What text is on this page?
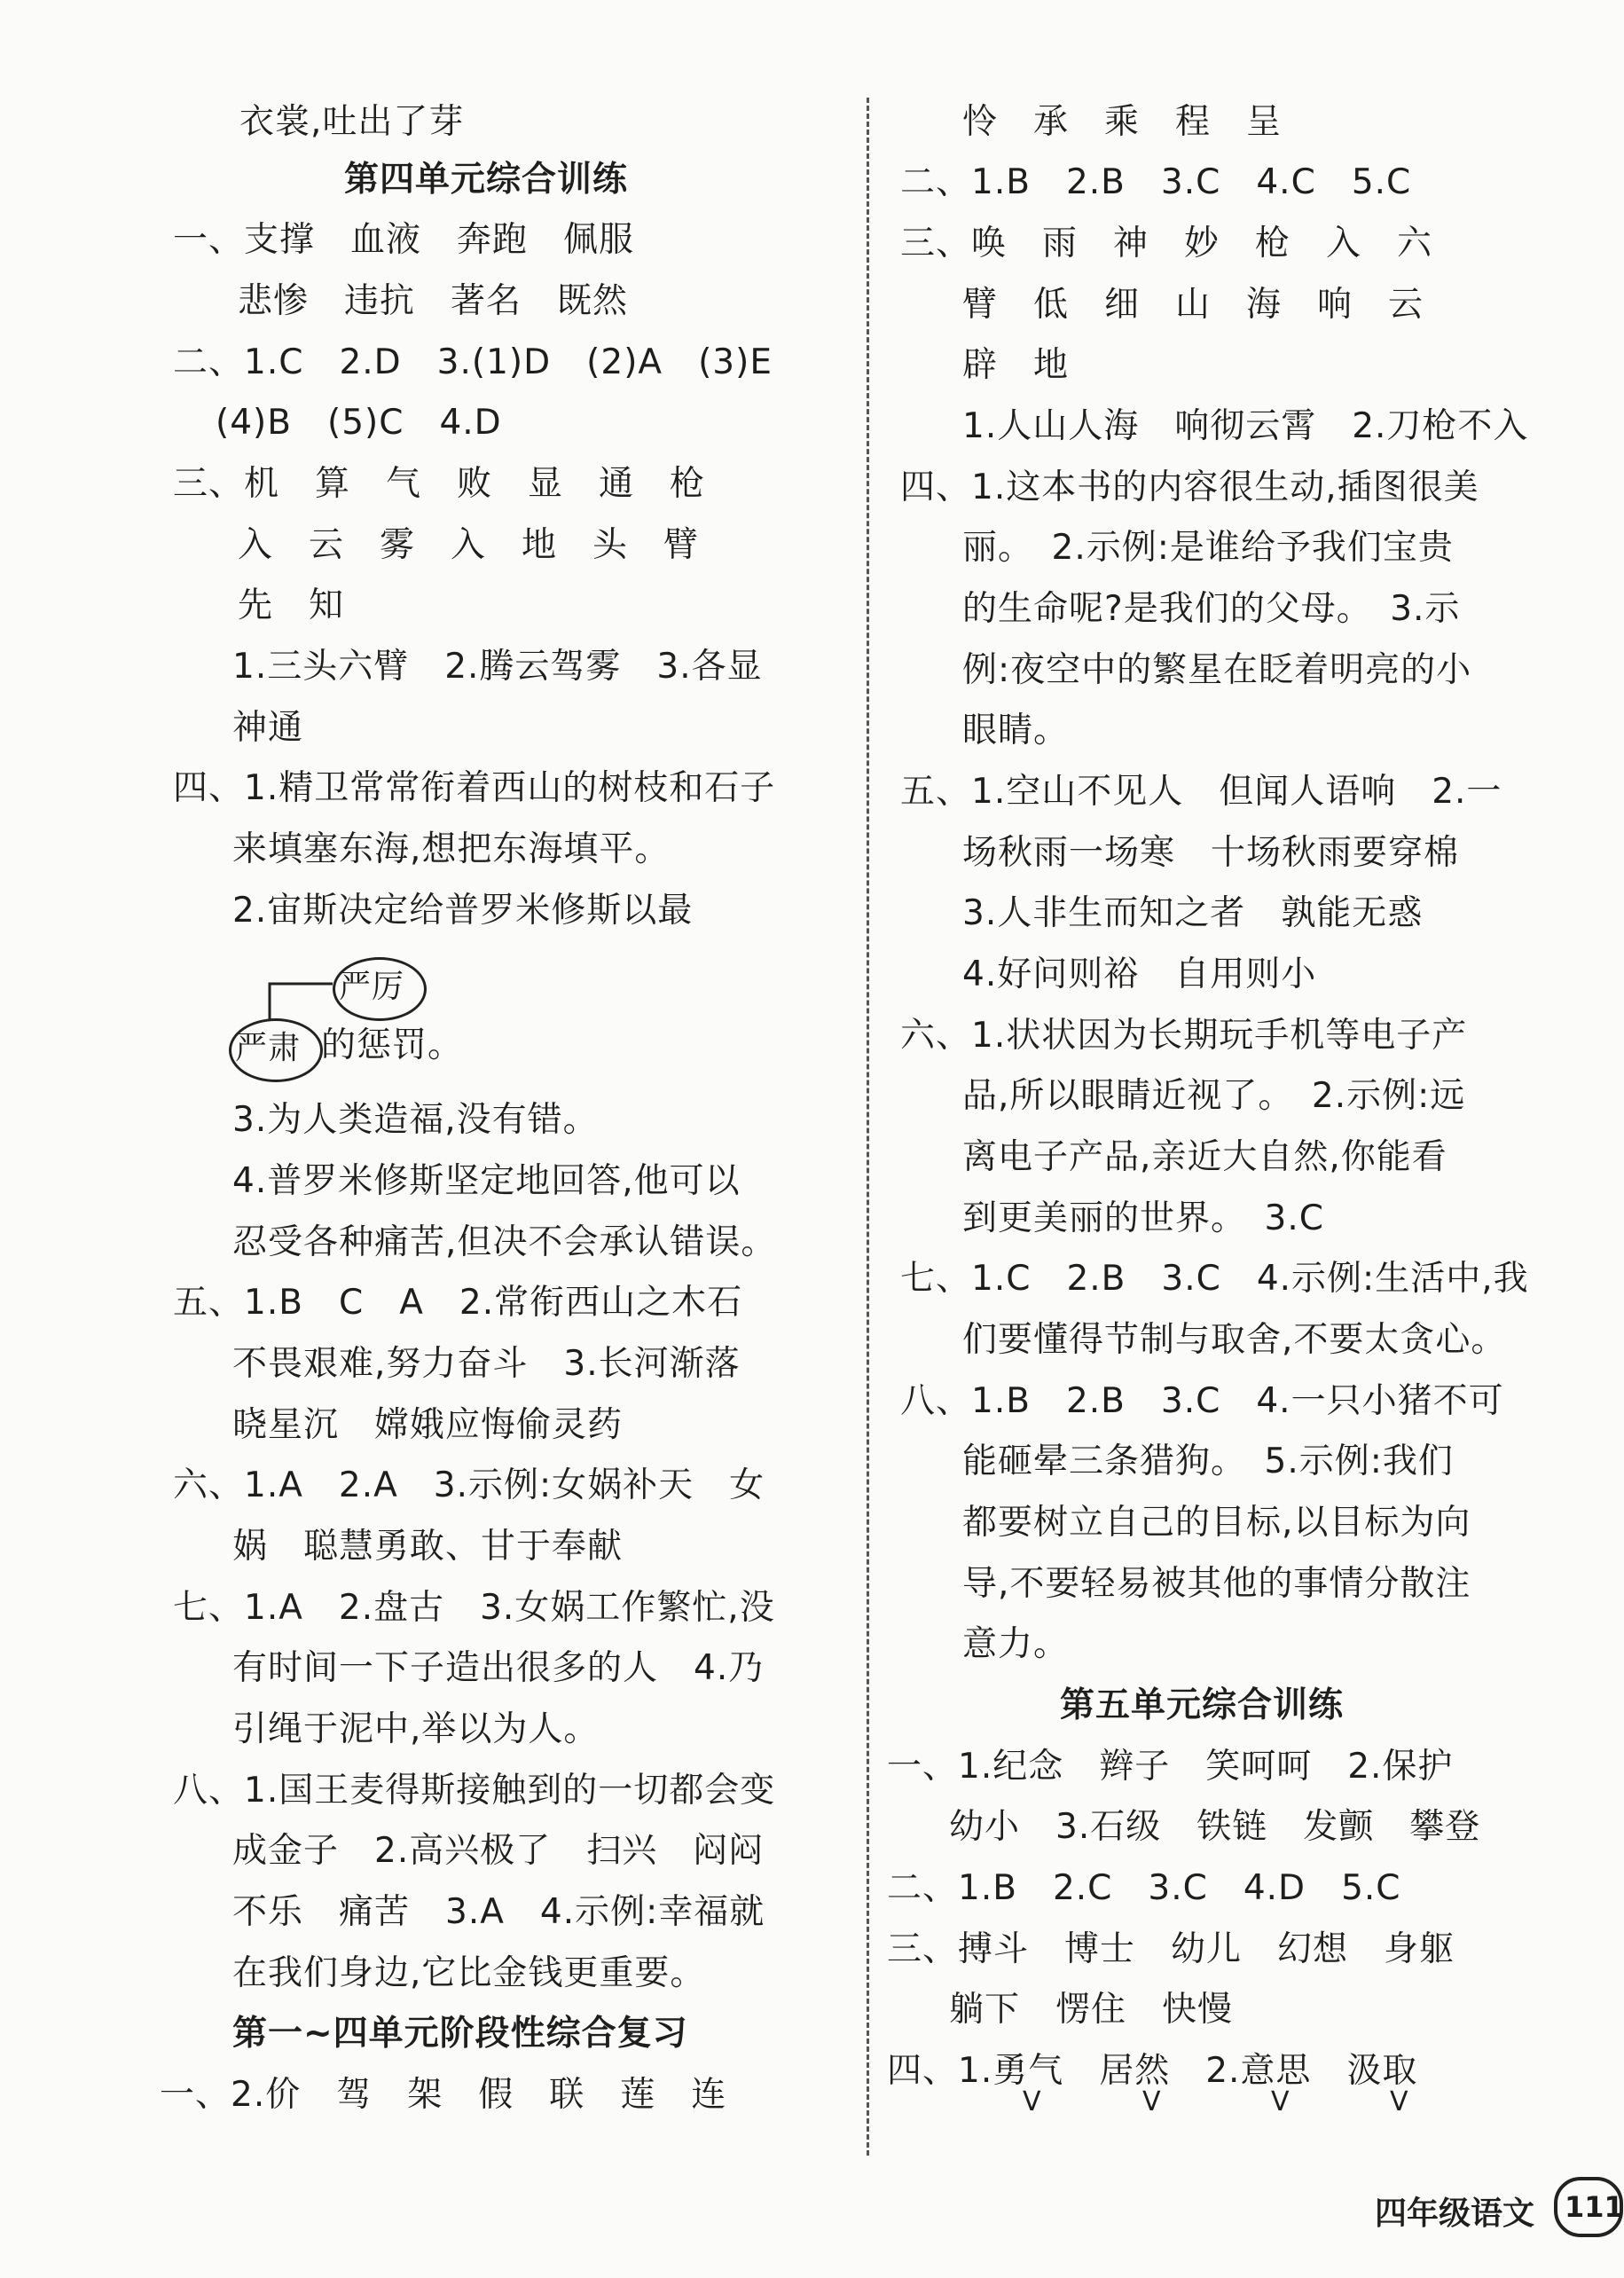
衣裳,吐出了芽
第四单元综合训练
一、支撑　血液　奔跑　佩服
悲惨　违抗　著名　既然
二、1.C　2.D　3.(1)D　(2)A　(3)E
(4)B　(5)C　4.D
三、机　算　气　败　显　通　枪
入　云　雾　入　地　头　臂
先　知
1.三头六臂　2.腾云驾雾　3.各显
神通
四、1.精卫常常衔着西山的树枝和石子
来填塞东海,想把东海填平。
2.宙斯决定给普罗米修斯以最
严厉
严肃 的惩罚。
3.为人类造福,没有错。
4.普罗米修斯坚定地回答,他可以
忍受各种痛苦,但决不会承认错误。
五、1.B　C　A　2.常衔西山之木石
不畏艰难,努力奋斗　3.长河渐落
晓星沉　嫦娥应悔偷灵药
六、1.A　2.A　3.示例:女娲补天　女
娲　聪慧勇敢、甘于奉献
七、1.A　2.盘古　3.女娲工作繁忙,没
有时间一下子造出很多的人　4.乃
引绳于泥中,举以为人。
八、1.国王麦得斯接触到的一切都会变
成金子　2.高兴极了　扫兴　闷闷
不乐　痛苦　3.A　4.示例:幸福就
在我们身边,它比金钱更重要。
第一~四单元阶段性综合复习
一、2.价　驾　架　假　联　莲　连
怜　承　乘　程　呈
二、1.B　2.B　3.C　4.C　5.C
三、唤　雨　神　妙　枪　入　六
臂　低　细　山　海　响　云
辟　地
1.人山人海　响彻云霄　2.刀枪不入
四、1.这本书的内容很生动,插图很美
丽。　2.示例:是谁给予我们宝贵
的生命呢?是我们的父母。　3.示
例:夜空中的繁星在眨着明亮的小
眼睛。
五、1.空山不见人　但闻人语响　2.一
场秋雨一场寒　十场秋雨要穿棉
3.人非生而知之者　孰能无惑
4.好问则裕　自用则小
六、1.状状因为长期玩手机等电子产
品,所以眼睛近视了。　2.示例:远
离电子产品,亲近大自然,你能看
到更美丽的世界。　3.C
七、1.C　2.B　3.C　4.示例:生活中,我
们要懂得节制与取舍,不要太贪心。
八、1.B　2.B　3.C　4.一只小猪不可
能砸晕三条猎狗。　5.示例:我们
都要树立自己的目标,以目标为向
导,不要轻易被其他的事情分散注
意力。
第五单元综合训练
一、1.纪念　辫子　笑呵呵　2.保护
幼小　3.石级　铁链　发颤　攀登
二、1.B　2.C　3.C　4.D　5.C
三、搏斗　博士　幼儿　幻想　身躯
躺下　愣住　快慢
四、1.勇气　居然　2.意思　汲取
V	V	V	V
四年级语文	111
